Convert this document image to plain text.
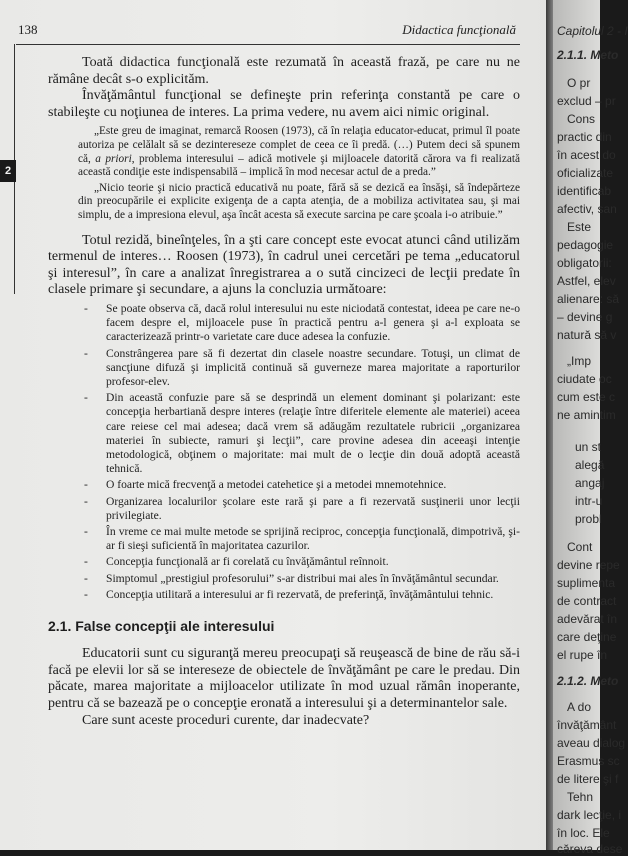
138	Didactica funcţională
2

Toată didactica funcţională este rezumată în această frază, pe care nu ne rămâne decât s-o explicităm.

Învăţământul funcţional se defineşte prin referinţa constantă pe care o stabileşte cu noţiunea de interes. La prima vedere, nu avem aici nimic original.

„Este greu de imaginat, remarcă Roosen (1973), că în relaţia educator-educat, primul îl poate autoriza pe celălalt să se dezintereseze complet de ceea ce îi predă. (…) Putem deci să spunem că, a priori, problema interesului – adică motivele şi mijloacele datorită cărora va fi realizată această condiţie este indispensabilă – implică în mod necesar actul de a preda.”

„Nicio teorie şi nicio practică educativă nu poate, fără să se dezică ea însăşi, să îndepărteze din preocupările ei explicite exigenţa de a capta atenţia, de a mobiliza activitatea sau, şi mai simplu, de a impresiona elevul, aşa încât acesta să execute sarcina pe care şcoala i-o atribuie.”

Totul rezidă, bineînţeles, în a şti care concept este evocat atunci când utilizăm termenul de interes… Roosen (1973), în cadrul unei cercetări pe tema „educatorul şi interesul”, în care a analizat înregistrarea a o sută cincizeci de lecţii predate în clasele primare şi secundare, a ajuns la concluzia următoare:

- Se poate observa că, dacă rolul interesului nu este niciodată contestat, ideea pe care ne-o facem despre el, mijloacele puse în practică pentru a-l genera şi a-l exploata se caracterizează printr-o varietate care duce adesea la confuzie.
- Constrângerea pare să fi dezertat din clasele noastre secundare. Totuşi, un climat de sancţiune difuză şi implicită continuă să guverneze marea majoritate a raporturilor profesor-elev.
- Din această confuzie pare să se desprindă un element dominant şi polarizant: este concepţia herbartiană despre interes (relaţie între diferitele elemente ale materiei) aceea care reiese cel mai adesea; dacă vrem să adăugăm rezultatele rubricii „organizarea materiei în subiecte, ramuri şi lecţii”, care provine adesea din aceeaşi intenţie metodologică, obţinem o majoritate: mai mult de o lecţie din două adoptă această tehnică.
- O foarte mică frecvenţă a metodei catehetice şi a metodei mnemotehnice.
- Organizarea localurilor şcolare este rară şi pare a fi rezervată susţinerii unor lecţii privilegiate.
- În vreme ce mai multe metode se sprijină reciproc, concepţia funcţională, dimpotrivă, şi-ar fi sieşi suficientă în majoritatea cazurilor.
- Concepţia funcţională ar fi corelată cu învăţământul reînnoit.
- Simptomul „prestigiul profesorului” s-ar distribui mai ales în învăţământul secundar.
- Concepţia utilitară a interesului ar fi rezervată, de preferinţă, învăţământului tehnic.
2.1. False concepţii ale interesului

Educatorii sunt cu siguranţă mereu preocupaţi să reuşească de bine de rău să-i facă pe elevii lor să se intereseze de obiectele de învăţământ pe care le predau. Din păcate, marea majoritate a mijloacelor utilizate în mod uzual rămân inoperante, pentru că se bazează pe o concepţie eronată a interesului şi a determinantelor sale.

Care sunt aceste proceduri curente, dar inadecvate?

Capitolul 2 - I
2.1.1. Meto
O pr
exclud – pr
Cons
practic din
în acest do
oficializate
identificab
afectiv, san
Este
pedagogie
obligatorii:
Astfel, elev
alienare: să
– devine g
natură să v
„Imp
ciudate oc
cum este c
ne amintim
un st
alegă
angaj
intr-u
probl
Cont
devine repe
suplimenta
de contract
adevărat în
care deţine
el rupe în
2.1.2. Meto
A do
învăţământ
aveau dialog
Erasmus sc
de litere şi f
Tehn
dark lecţie, i
în loc. Ele
căreva dese
